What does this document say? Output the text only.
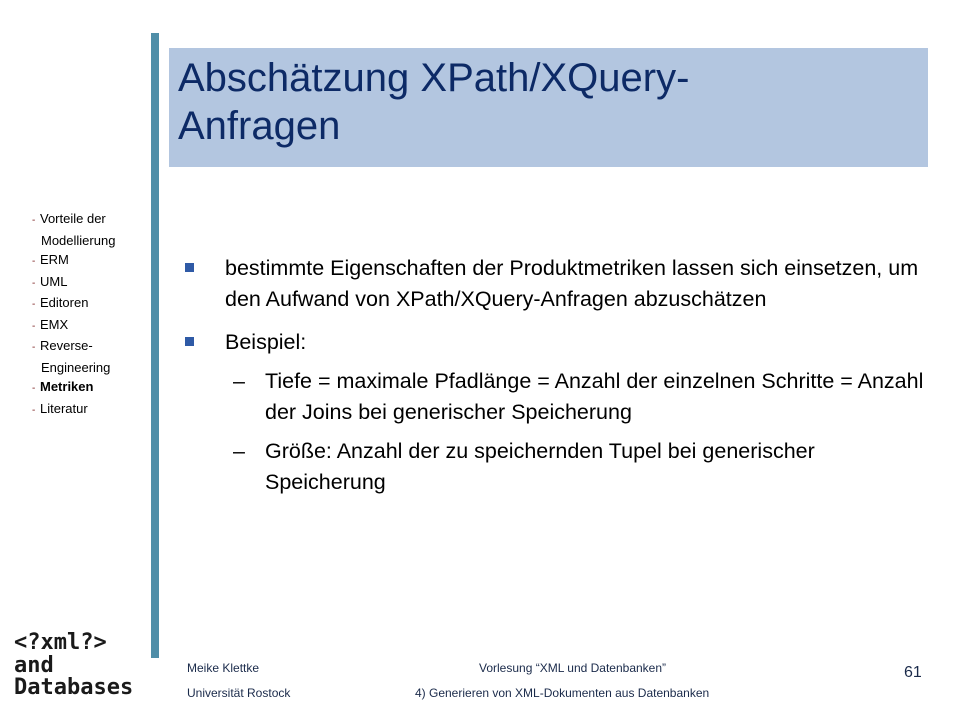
Abschätzung XPath/XQuery-
Anfragen
- Vorteile der
Modellierung
- ERM
- UML
- Editoren
- EMX
- Reverse-
Engineering
- Metriken
- Literatur
bestimmte Eigenschaften der Produktmetriken lassen sich einsetzen, um den Aufwand von XPath/XQuery-Anfragen abzuschätzen
Beispiel:
– Tiefe = maximale Pfadlänge = Anzahl der einzelnen Schritte = Anzahl der Joins bei generischer Speicherung
– Größe: Anzahl der zu speichernden Tupel bei generischer Speicherung
<?xml?>
and
Databases
Meike Klettke
Universität Rostock
Vorlesung “XML und Datenbanken”
4) Generieren von XML-Dokumenten aus Datenbanken
61
